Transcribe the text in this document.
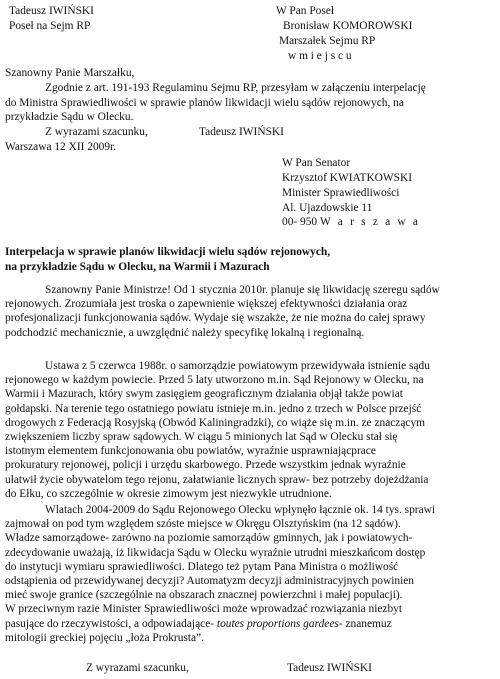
Tadeusz IWIŃSKI
Poseł na Sejm RP
W Pan Poseł
Bronisław KOMOROWSKI
Marszałek Sejmu RP
w m i e j s c u
Szanowny Panie Marszałku,
Zgodnie z art. 191-193 Regulaminu Sejmu RP, przesyłam w załączeniu interpelację
do Ministra Sprawiedliwości w sprawie planów likwidacji wielu sądów rejonowych, na
przykładzie Sądu w Olecku.
Z wyrazami szacunku,	Tadeusz IWIŃSKI
Warszawa 12 XII 2009r.
W Pan Senator
Krzysztof KWIATKOWSKI
Minister Sprawiedliwości
Al. Ujazdowskie 11
00- 950 W a r s z a w a
Interpelacja w sprawie planów likwidacji wielu sądów rejonowych,
na przykładzie Sądu w Olecku, na Warmii i Mazurach
Szanowny Panie Ministrze! Od 1 stycznia 2010r. planuje się likwidację szeregu sądów
rejonowych. Zrozumiała jest troska o zapewnienie większej efektywności działania oraz
profesjonalizacji funkcjonowania sądów. Wydaje się wszakże, że nie można do całej sprawy
podchodzić mechanicznie, a uwzględnić należy specyfikę lokalną i regionalną.
Ustawa z 5 czerwca 1988r. o samorządzie powiatowym przewidywała istnienie sądu
rejonowego w każdym powiecie. Przed 5 laty utworzono m.in. Sąd Rejonowy w Olecku, na
Warmii i Mazurach, który swym zasięgiem geograficznym działania objął także powiat
gołdapski. Na terenie tego ostatniego powiatu istnieje m.in. jedno z trzech w Polsce przejść
drogowych z Federacją Rosyjską (Obwód Kaliningradzki), co wiąże się m.in. ze znaczącym
zwiększeniem liczby spraw sądowych. W ciągu 5 minionych lat Sąd w Olecku stał się
istotnym elementem funkcjonowania obu powiatów, wyraźnie usprawniającprace
prokuratury rejonowej, policji i urzędu skarbowego. Przede wszystkim jednak wyraźnie
ułatwił życie obywatelom tego rejonu, załatwianie licznych spraw- bez potrzeby dojeżdżania
do Ełku, co szczególnie w okresie zimowym jest niezwykle utrudnione.
Wlatach 2004-2009 do Sądu Rejonowego Olecku wpłynęło łącznie ok. 14 tys. sprawi
zajmował on pod tym względem szóste miejsce w Okręgu Olsztyńskim (na 12 sądów).
Władze samorządowe- zarówno na poziomie samorządów gminnych, jak i powiatowych-
zdecydowanie uważają, iż likwidacja Sądu w Olecku wyraźnie utrudni mieszkańcom dostęp
do instytucji wymiaru sprawiedliwości. Dlatego też pytam Pana Ministra o możliwość
odstąpienia od przewidywanej decyzji? Automatyzm decyzji administracyjnych powinien
mieć swoje granice (szczególnie na obszarach znacznej powierzchni i małej populacji).
W przeciwnym razie Minister Sprawiedliwości może wprowadzać rozwiązania niezbyt
pasujące do rzeczywistości, a odpowiadające- toutes proportions gardees- znanemuz
mitologii greckiej pojęciu „łoża Prokrusta”.
Z wyrazami szacunku,	Tadeusz IWIŃSKI
